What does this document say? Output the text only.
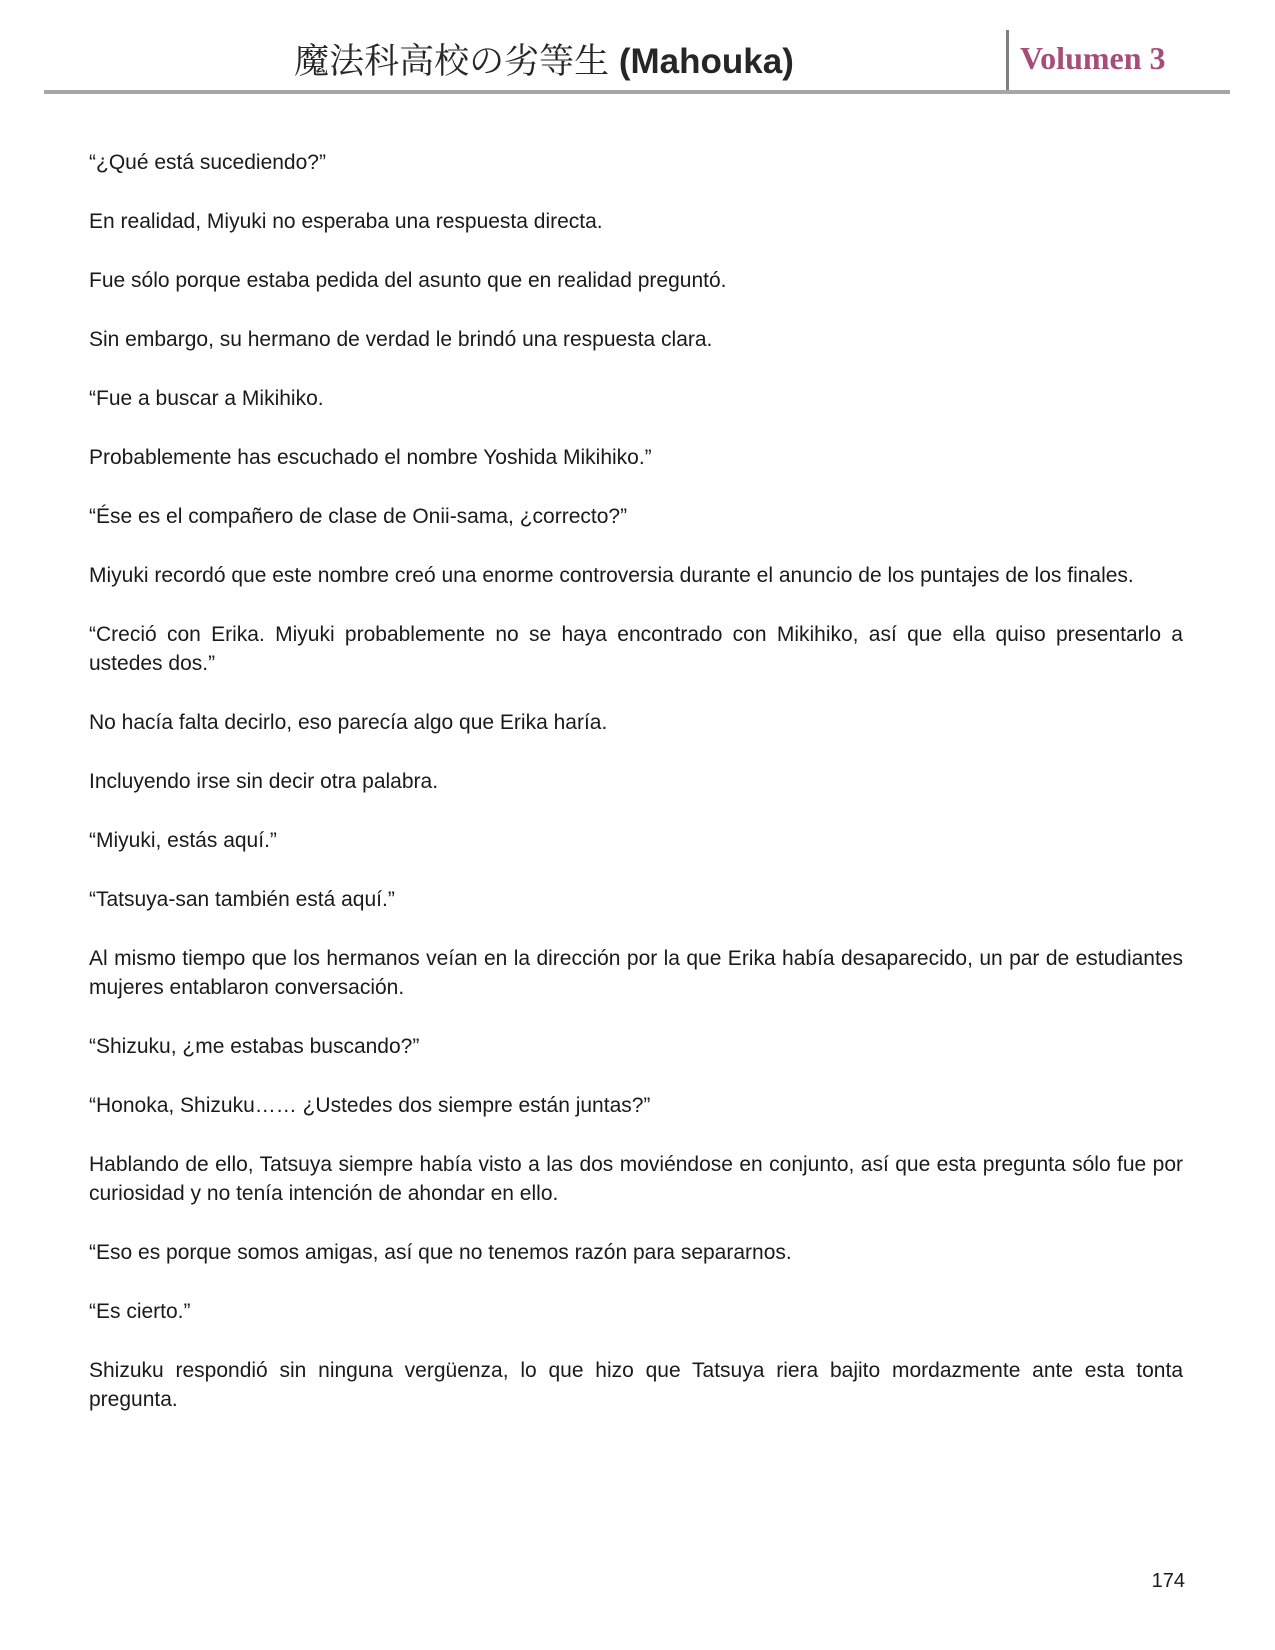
魔法科高校の劣等生 (Mahouka)	Volumen 3

“¿Qué está sucediendo?”

En realidad, Miyuki no esperaba una respuesta directa.

Fue sólo porque estaba pedida del asunto que en realidad preguntó.

Sin embargo, su hermano de verdad le brindó una respuesta clara.

“Fue a buscar a Mikihiko.

Probablemente has escuchado el nombre Yoshida Mikihiko.”

“Ése es el compañero de clase de Onii-sama, ¿correcto?”

Miyuki recordó que este nombre creó una enorme controversia durante el anuncio de los puntajes de los finales.

“Creció con Erika. Miyuki probablemente no se haya encontrado con Mikihiko, así que ella quiso presentarlo a ustedes dos.”

No hacía falta decirlo, eso parecía algo que Erika haría.

Incluyendo irse sin decir otra palabra.

“Miyuki, estás aquí.”

“Tatsuya-san también está aquí.”

Al mismo tiempo que los hermanos veían en la dirección por la que Erika había desaparecido, un par de estudiantes mujeres entablaron conversación.

“Shizuku, ¿me estabas buscando?”

“Honoka, Shizuku…… ¿Ustedes dos siempre están juntas?”

Hablando de ello, Tatsuya siempre había visto a las dos moviéndose en conjunto, así que esta pregunta sólo fue por curiosidad y no tenía intención de ahondar en ello.

“Eso es porque somos amigas, así que no tenemos razón para separarnos.

“Es cierto.”

Shizuku respondió sin ninguna vergüenza, lo que hizo que Tatsuya riera bajito mordazmente ante esta tonta pregunta.

174
